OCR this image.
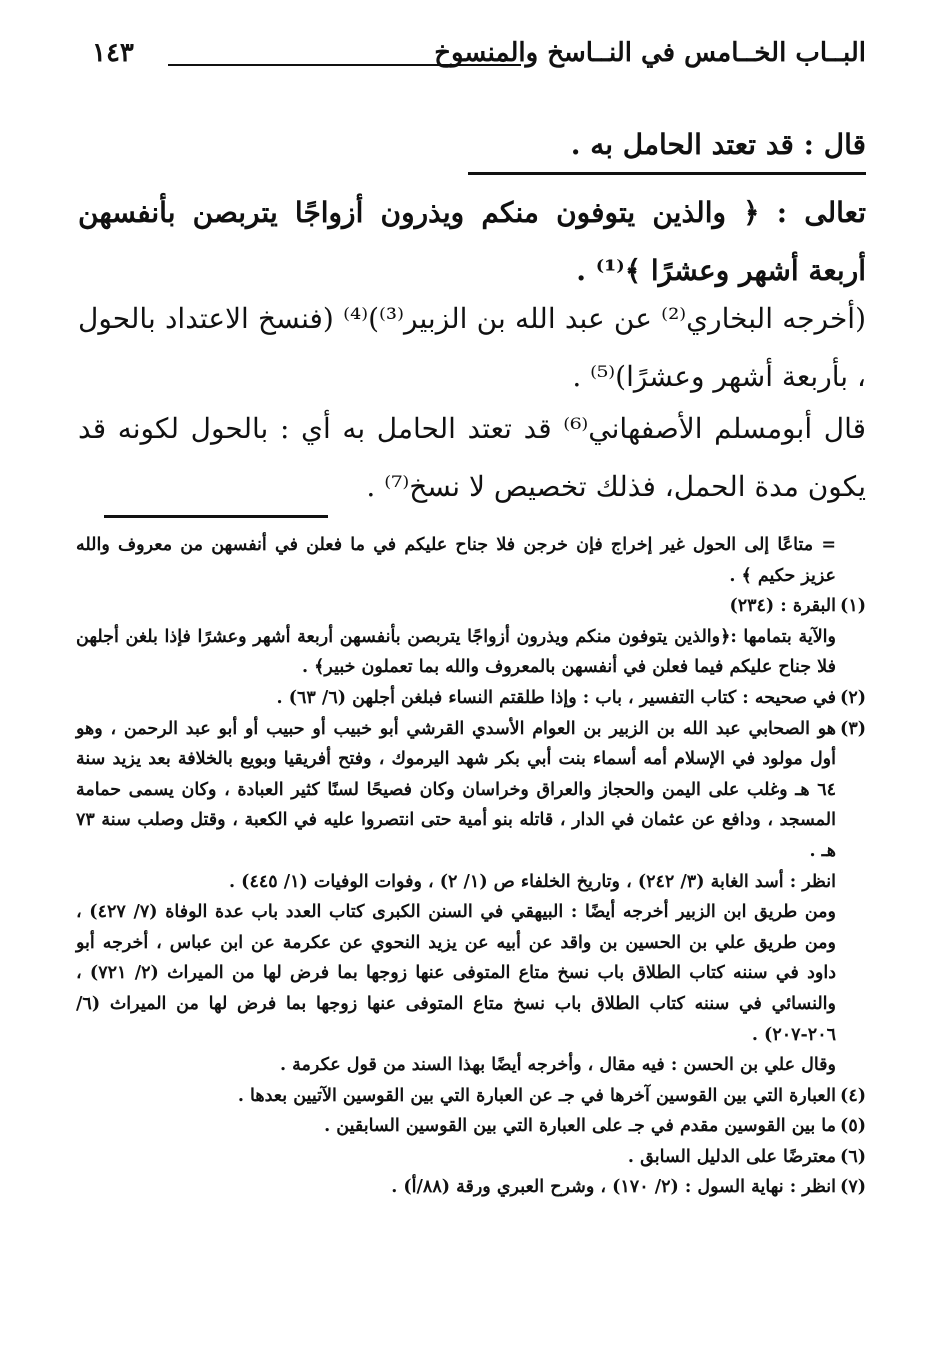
البــاب الخــامس في النــاسخ والمنسوخ
١٤٣
قال : قد تعتد الحامل به .
تعالى : ﴿ والذين يتوفون منكم ويذرون أزواجًا يتربصن بأنفسهن أربعة أشهر وعشرًا ﴾⁽¹⁾ .
(أخرجه البخاري⁽²⁾ عن عبد الله بن الزبير⁽³⁾)⁽⁴⁾ (فنسخ الاعتداد بالحول ، بأربعة أشهر وعشرًا)⁽⁵⁾ .
قال أبومسلم الأصفهاني⁽⁶⁾ قد تعتد الحامل به أي : بالحول لكونه قد يكون مدة الحمل، فذلك تخصيص لا نسخ⁽⁷⁾ .

= متاعًا إلى الحول غير إخراج فإن خرجن فلا جناح عليكم في ما فعلن في أنفسهن من معروف والله عزيز حكيم ﴾ .

(١)البقرة : (٢٣٤)

والآية بتمامها :﴿والذين يتوفون منكم ويذرون أزواجًا يتربصن بأنفسهن أربعة أشهر وعشرًا فإذا بلغن أجلهن فلا جناح عليكم فيما فعلن في أنفسهن بالمعروف والله بما تعملون خبير﴾ .

(٢)في صحيحه : كتاب التفسير ، باب : وإذا طلقتم النساء فبلغن أجلهن (٦/ ٦٣) .

(٣)هو الصحابي عبد الله بن الزبير بن العوام الأسدي القرشي أبو خبيب أو حبيب أو أبو عبد الرحمن ، وهو أول مولود في الإسلام أمه أسماء بنت أبي بكر شهد اليرموك ، وفتح أفريقيا وبويع بالخلافة بعد يزيد سنة ٦٤ هـ وغلب على اليمن والحجاز والعراق وخراسان وكان فصيحًا لسنًا كثير العبادة ، وكان يسمى حمامة المسجد ، ودافع عن عثمان في الدار ، قاتله بنو أمية حتى انتصروا عليه في الكعبة ، وقتل وصلب سنة ٧٣ هـ .

انظر : أسد الغابة (٣/ ٢٤٢) ، وتاريخ الخلفاء ص (١/ ٢) ، وفوات الوفيات (١/ ٤٤٥) .

ومن طريق ابن الزبير أخرجه أيضًا : البيهقي في السنن الكبرى كتاب العدد باب عدة الوفاة (٧/ ٤٢٧) ، ومن طريق علي بن الحسين بن واقد عن أبيه عن يزيد النحوي عن عكرمة عن ابن عباس ، أخرجه أبو داود في سننه كتاب الطلاق باب نسخ متاع المتوفى عنها زوجها بما فرض لها من الميراث (٢/ ٧٢١) ، والنسائي في سننه كتاب الطلاق باب نسخ متاع المتوفى عنها زوجها بما فرض لها من الميراث (٦/ ٢٠٦-٢٠٧) .

وقال علي بن الحسن : فيه مقال ، وأخرجه أيضًا بهذا السند من قول عكرمة .

(٤)العبارة التي بين القوسين آخرها في جـ عن العبارة التي بين القوسين الآتيين بعدها .

(٥)ما بين القوسين مقدم في جـ على العبارة التي بين القوسين السابقين .

(٦)معترضًا على الدليل السابق .

(٧)انظر : نهاية السول : (٢/ ١٧٠) ، وشرح العبري ورقة (٨٨/أ) .
